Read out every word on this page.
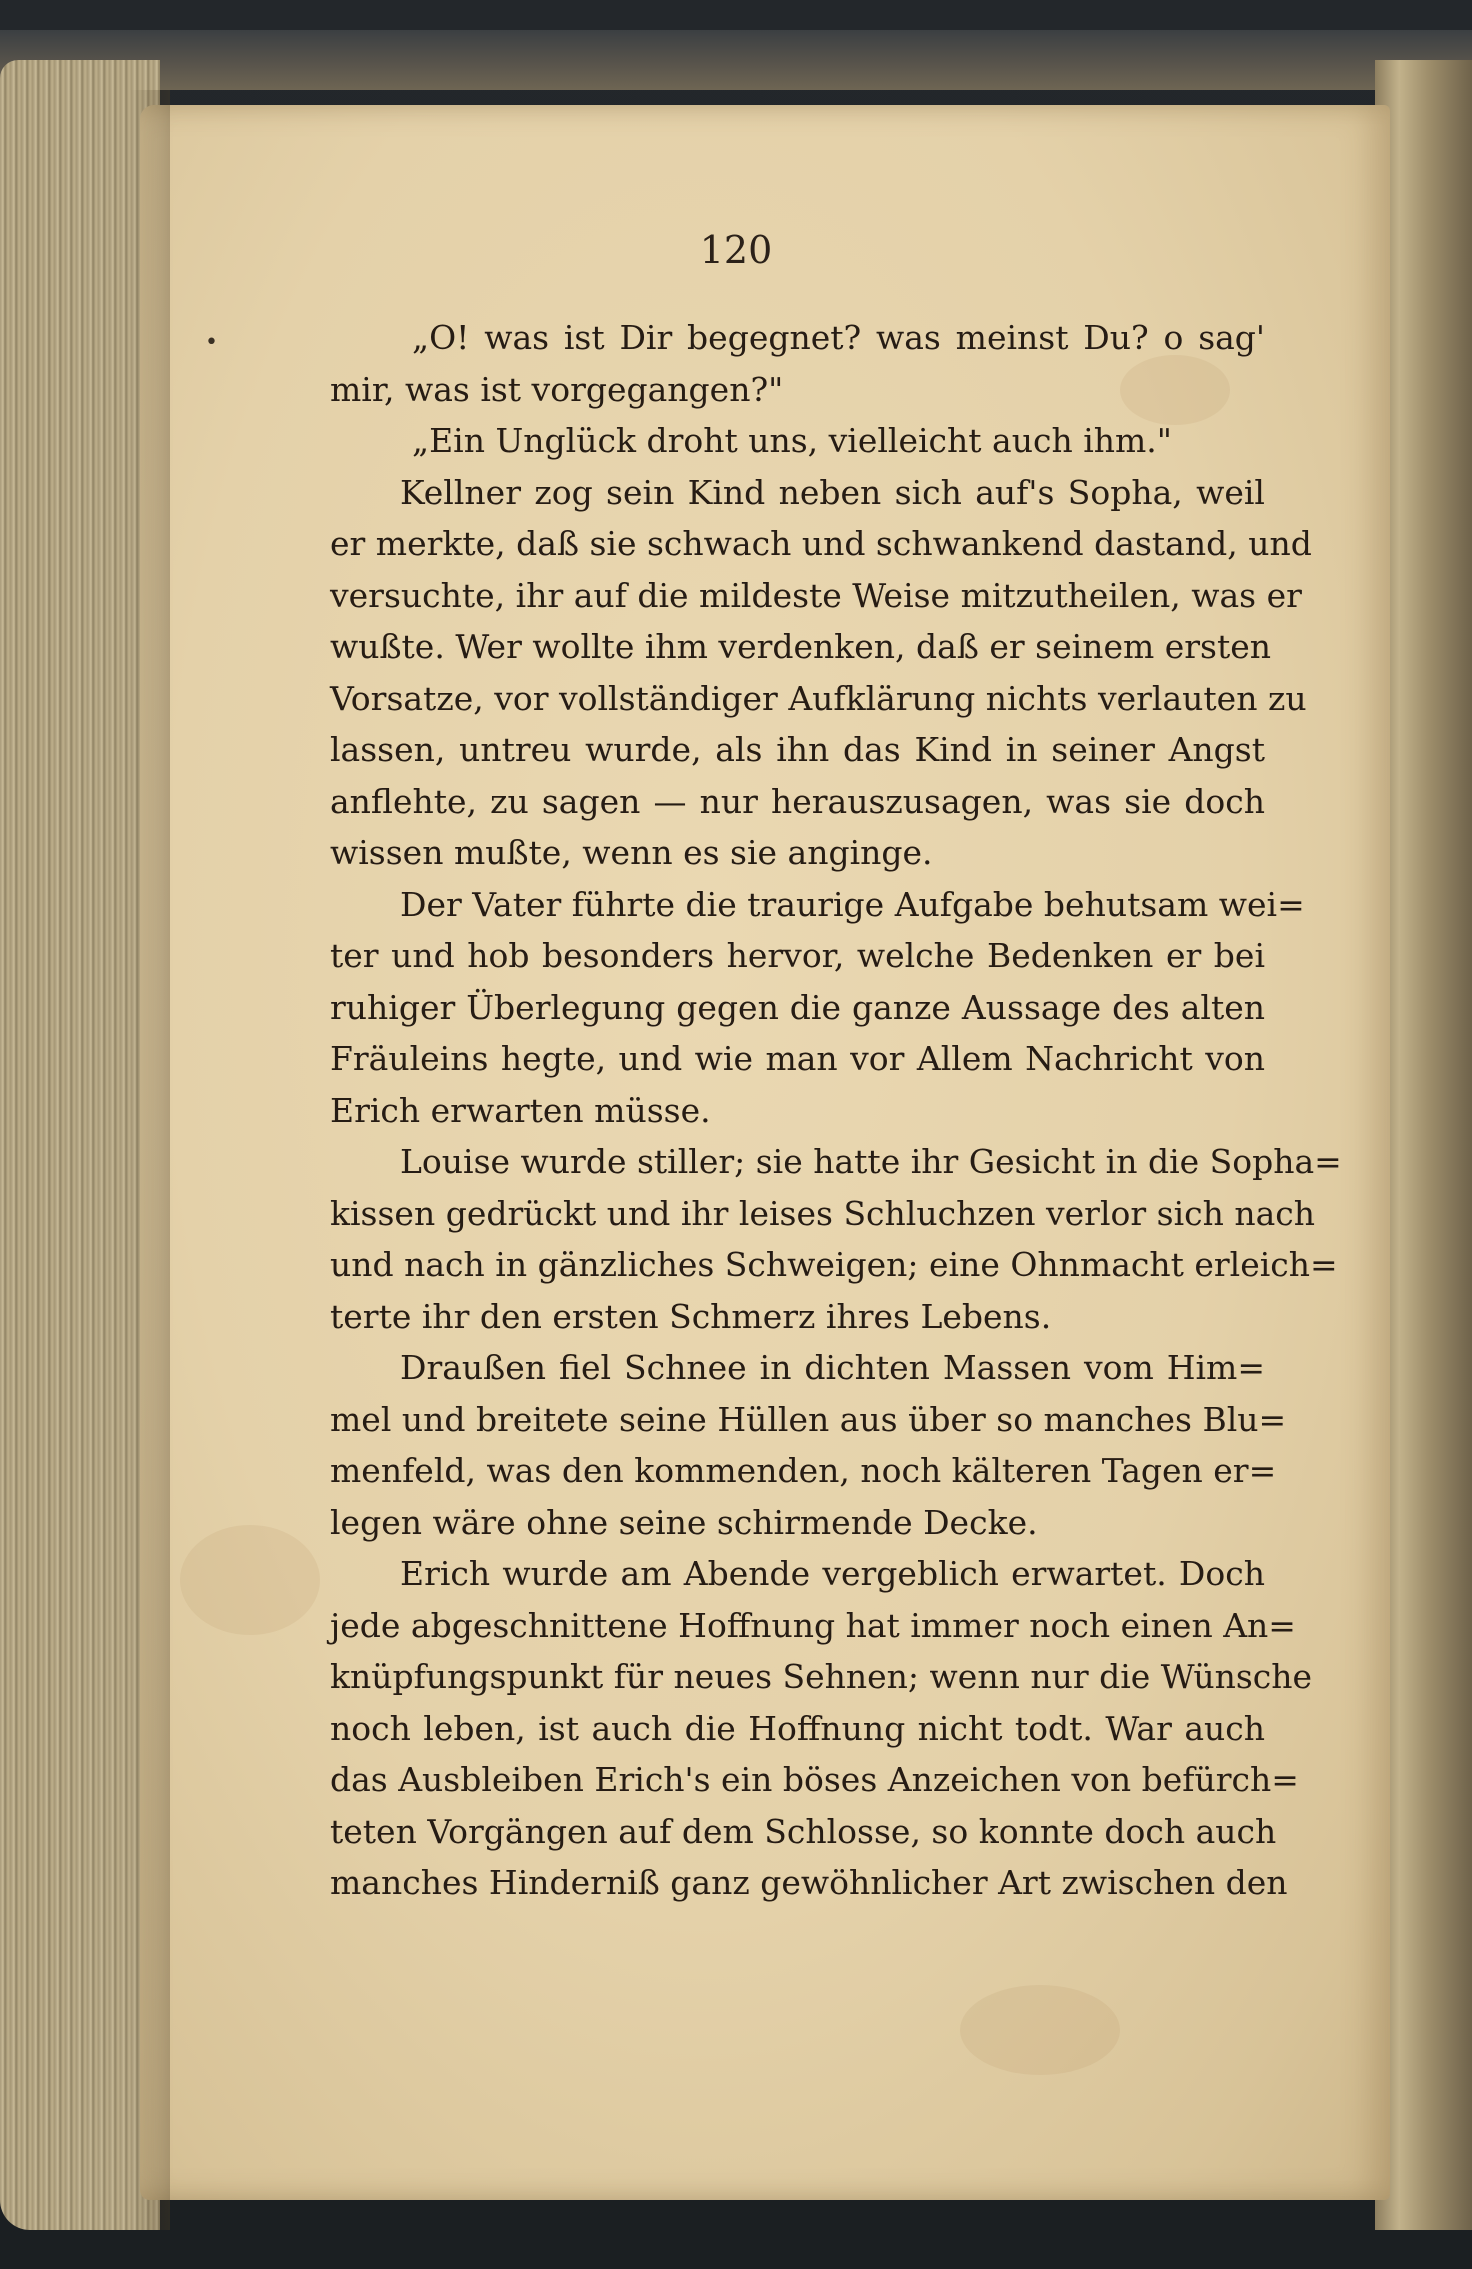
120

•	„O! was ist Dir begegnet? was meinst Du? o sag'
mir, was ist vorgegangen?"
„Ein Unglück droht uns, vielleicht auch ihm."
Kellner zog sein Kind neben sich auf's Sopha, weil
er merkte, daß sie schwach und schwankend dastand, und
versuchte, ihr auf die mildeste Weise mitzutheilen, was er
wußte. Wer wollte ihm verdenken, daß er seinem ersten
Vorsatze, vor vollständiger Aufklärung nichts verlauten zu
lassen, untreu wurde, als ihn das Kind in seiner Angst
anflehte, zu sagen — nur herauszusagen, was sie doch
wissen mußte, wenn es sie anginge.
Der Vater führte die traurige Aufgabe behutsam wei=
ter und hob besonders hervor, welche Bedenken er bei
ruhiger Überlegung gegen die ganze Aussage des alten
Fräuleins hegte, und wie man vor Allem Nachricht von
Erich erwarten müsse.
Louise wurde stiller; sie hatte ihr Gesicht in die Sopha=
kissen gedrückt und ihr leises Schluchzen verlor sich nach
und nach in gänzliches Schweigen; eine Ohnmacht erleich=
terte ihr den ersten Schmerz ihres Lebens.
Draußen fiel Schnee in dichten Massen vom Him=
mel und breitete seine Hüllen aus über so manches Blu=
menfeld, was den kommenden, noch kälteren Tagen er=
legen wäre ohne seine schirmende Decke.
Erich wurde am Abende vergeblich erwartet. Doch
jede abgeschnittene Hoffnung hat immer noch einen An=
knüpfungspunkt für neues Sehnen; wenn nur die Wünsche
noch leben, ist auch die Hoffnung nicht todt. War auch
das Ausbleiben Erich's ein böses Anzeichen von befürch=
teten Vorgängen auf dem Schlosse, so konnte doch auch
manches Hinderniß ganz gewöhnlicher Art zwischen den
